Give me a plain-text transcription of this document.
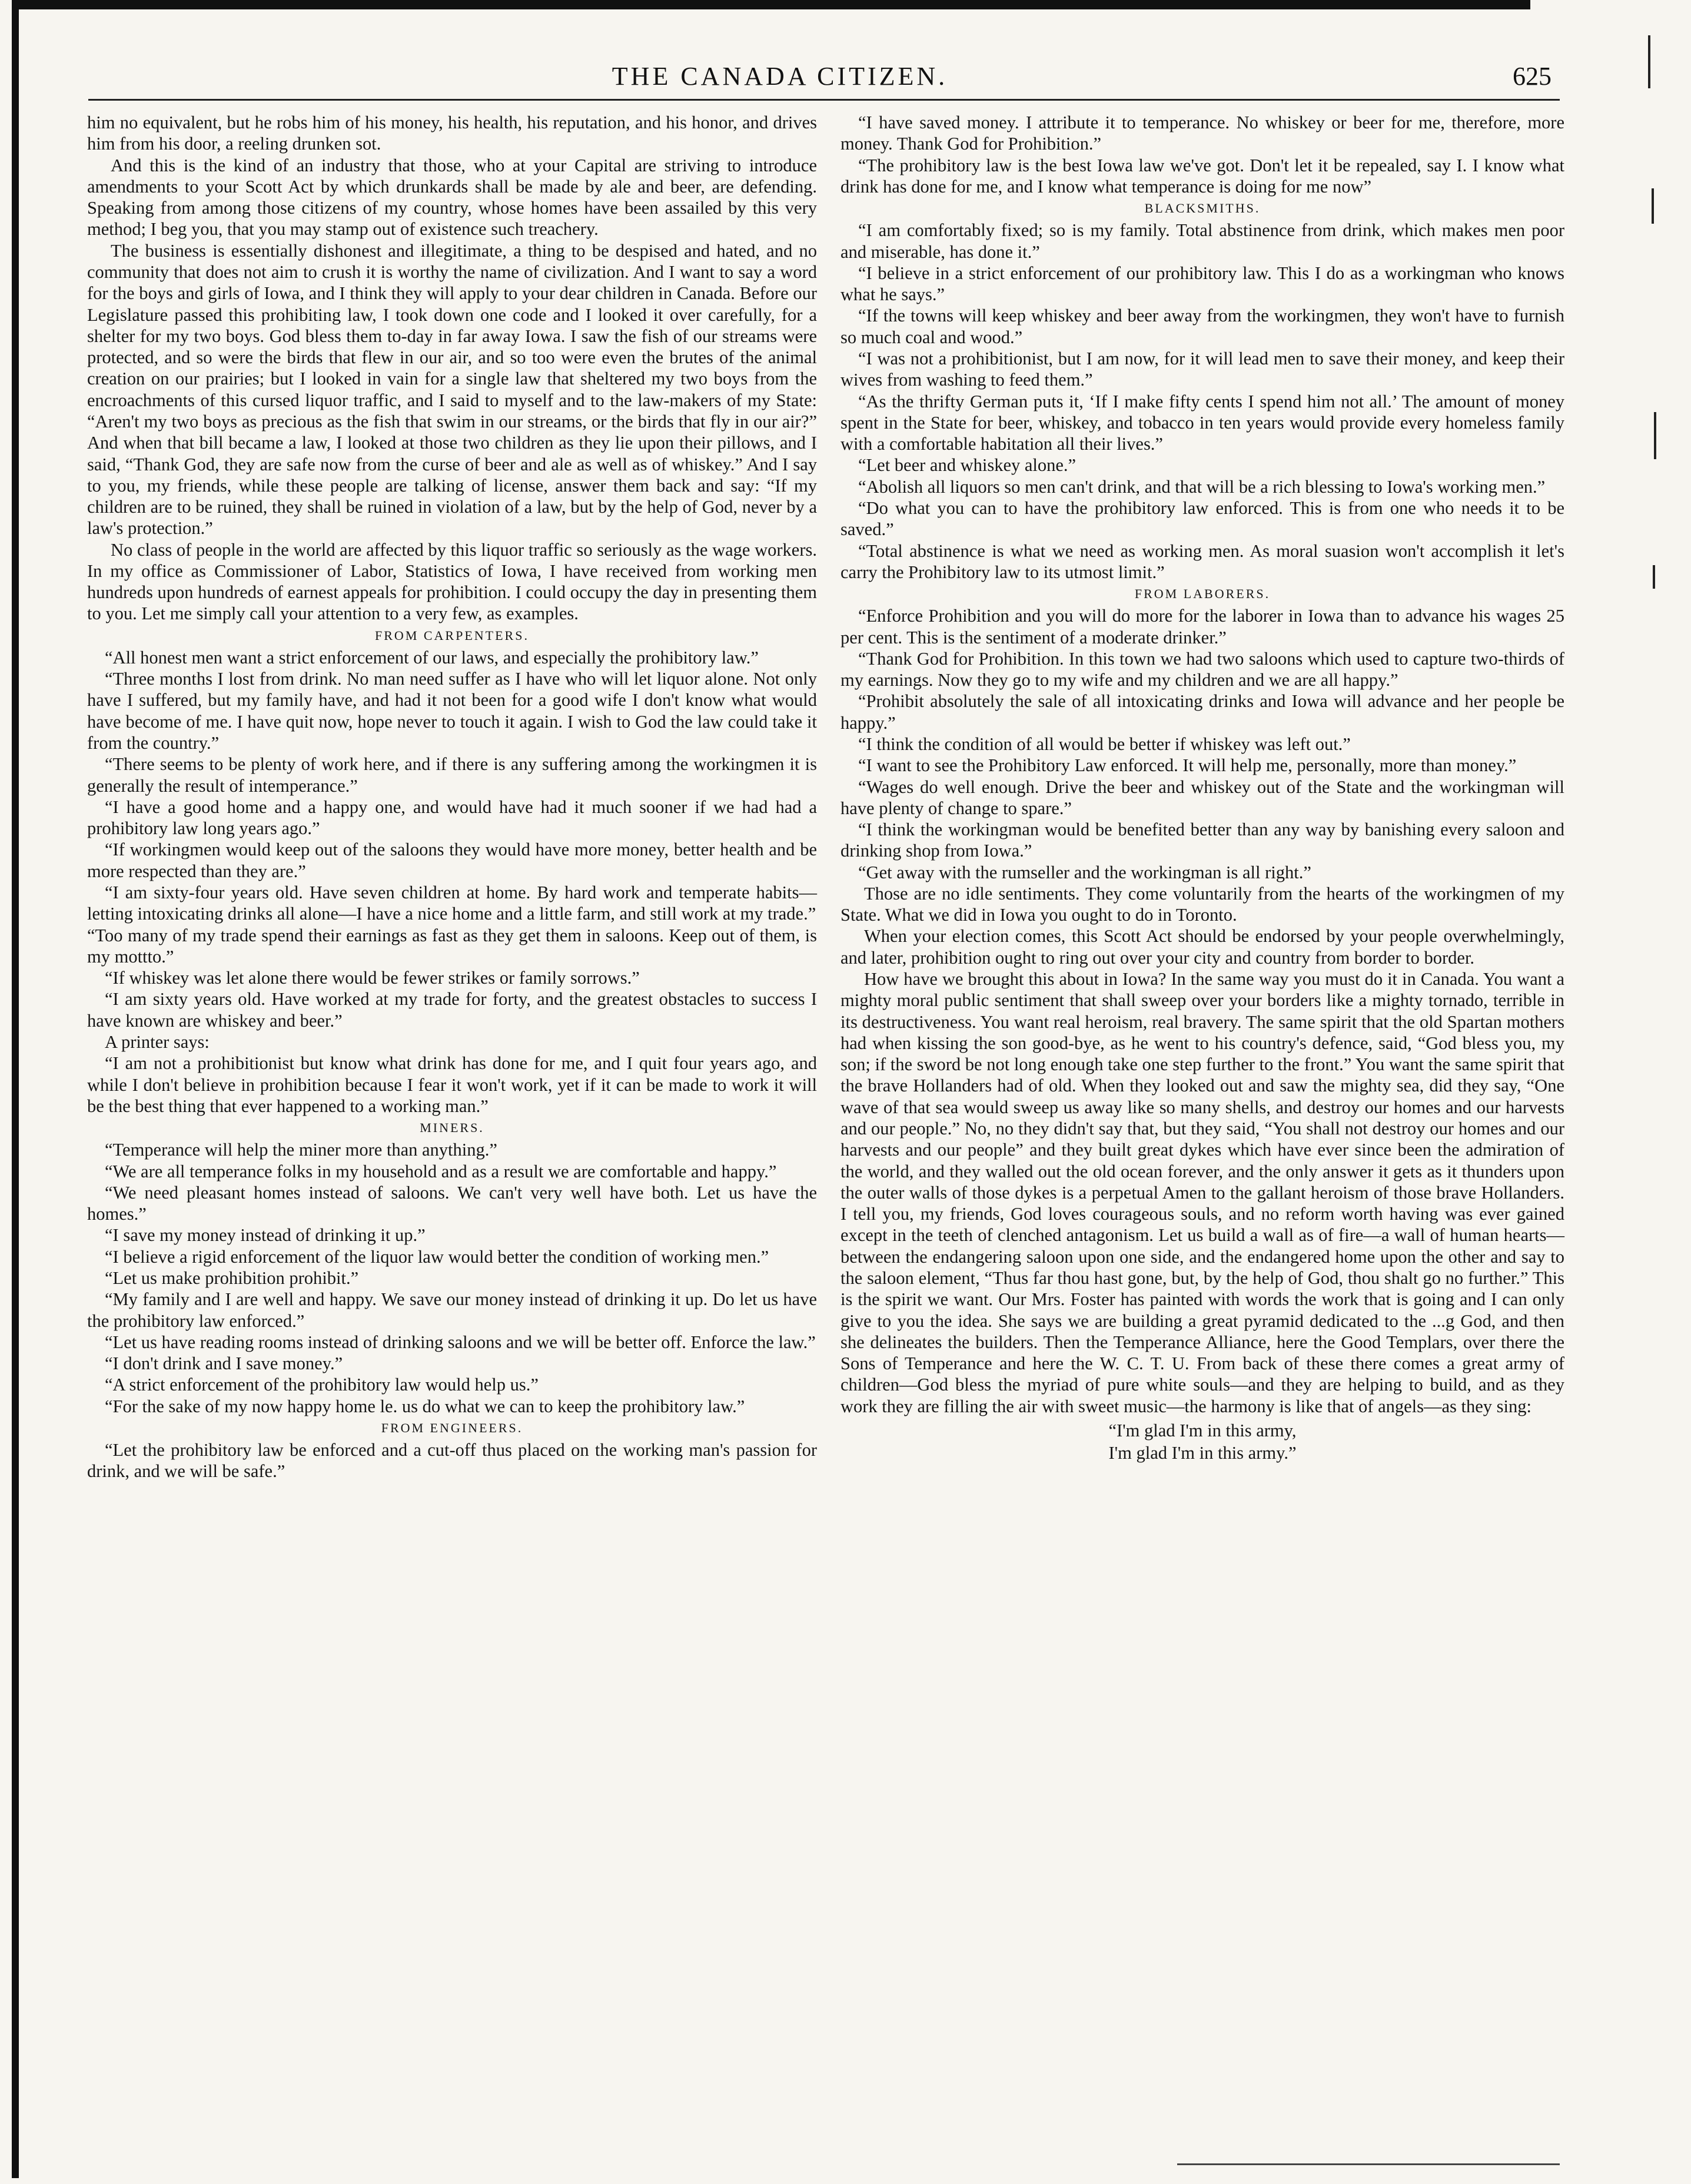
THE CANADA CITIZEN.	625

him no equivalent, but he robs him of his money, his health, his reputation, and his honor, and drives him from his door, a reeling drunken sot.

And this is the kind of an industry that those, who at your Capital are striving to introduce amendments to your Scott Act by which drunkards shall be made by ale and beer, are defending. Speaking from among those citizens of my country, whose homes have been assailed by this very method; I beg you, that you may stamp out of existence such treachery.

The business is essentially dishonest and illegitimate, a thing to be despised and hated, and no community that does not aim to crush it is worthy the name of civilization. And I want to say a word for the boys and girls of Iowa, and I think they will apply to your dear children in Canada. Before our Legislature passed this prohibiting law, I took down one code and I looked it over carefully, for a shelter for my two boys. God bless them to-day in far away Iowa. I saw the fish of our streams were protected, and so were the birds that flew in our air, and so too were even the brutes of the animal creation on our prairies; but I looked in vain for a single law that sheltered my two boys from the encroachments of this cursed liquor traffic, and I said to myself and to the law-makers of my State: “Aren't my two boys as precious as the fish that swim in our streams, or the birds that fly in our air?” And when that bill became a law, I looked at those two children as they lie upon their pillows, and I said, “Thank God, they are safe now from the curse of beer and ale as well as of whiskey.” And I say to you, my friends, while these people are talking of license, answer them back and say: “If my children are to be ruined, they shall be ruined in violation of a law, but by the help of God, never by a law's protection.”

No class of people in the world are affected by this liquor traffic so seriously as the wage workers. In my office as Commissioner of Labor, Statistics of Iowa, I have received from working men hundreds upon hundreds of earnest appeals for prohibition. I could occupy the day in presenting them to you. Let me simply call your attention to a very few, as examples.

FROM CARPENTERS.

“All honest men want a strict enforcement of our laws, and especially the prohibitory law.”

“Three months I lost from drink. No man need suffer as I have who will let liquor alone. Not only have I suffered, but my family have, and had it not been for a good wife I don't know what would have become of me. I have quit now, hope never to touch it again. I wish to God the law could take it from the country.”

“There seems to be plenty of work here, and if there is any suffering among the workingmen it is generally the result of intemperance.”

“I have a good home and a happy one, and would have had it much sooner if we had had a prohibitory law long years ago.”

“If workingmen would keep out of the saloons they would have more money, better health and be more respected than they are.”

“I am sixty-four years old. Have seven children at home. By hard work and temperate habits—letting intoxicating drinks all alone—I have a nice home and a little farm, and still work at my trade.”

“Too many of my trade spend their earnings as fast as they get them in saloons. Keep out of them, is my mottto.”

“If whiskey was let alone there would be fewer strikes or family sorrows.”

“I am sixty years old. Have worked at my trade for forty, and the greatest obstacles to success I have known are whiskey and beer.”

A printer says:

“I am not a prohibitionist but know what drink has done for me, and I quit four years ago, and while I don't believe in prohibition because I fear it won't work, yet if it can be made to work it will be the best thing that ever happened to a working man.”

MINERS.

“Temperance will help the miner more than anything.”

“We are all temperance folks in my household and as a result we are comfortable and happy.”

“We need pleasant homes instead of saloons. We can't very well have both. Let us have the homes.”

“I save my money instead of drinking it up.”

“I believe a rigid enforcement of the liquor law would better the condition of working men.”

“Let us make prohibition prohibit.”

“My family and I are well and happy. We save our money instead of drinking it up. Do let us have the prohibitory law enforced.”

“Let us have reading rooms instead of drinking saloons and we will be better off. Enforce the law.”

“I don't drink and I save money.”

“A strict enforcement of the prohibitory law would help us.”

“For the sake of my now happy home le. us do what we can to keep the prohibitory law.”

FROM ENGINEERS.

“Let the prohibitory law be enforced and a cut-off thus placed on the working man's passion for drink, and we will be safe.”

“I have saved money. I attribute it to temperance. No whiskey or beer for me, therefore, more money. Thank God for Prohibition.”

“The prohibitory law is the best Iowa law we've got. Don't let it be repealed, say I. I know what drink has done for me, and I know what temperance is doing for me now”

BLACKSMITHS.

“I am comfortably fixed; so is my family. Total abstinence from drink, which makes men poor and miserable, has done it.”

“I believe in a strict enforcement of our prohibitory law. This I do as a workingman who knows what he says.”

“If the towns will keep whiskey and beer away from the workingmen, they won't have to furnish so much coal and wood.”

“I was not a prohibitionist, but I am now, for it will lead men to save their money, and keep their wives from washing to feed them.”

“As the thrifty German puts it, ‘If I make fifty cents I spend him not all.’ The amount of money spent in the State for beer, whiskey, and tobacco in ten years would provide every homeless family with a comfortable habitation all their lives.”

“Let beer and whiskey alone.”

“Abolish all liquors so men can't drink, and that will be a rich blessing to Iowa's working men.”

“Do what you can to have the prohibitory law enforced. This is from one who needs it to be saved.”

“Total abstinence is what we need as working men. As moral suasion won't accomplish it let's carry the Prohibitory law to its utmost limit.”

FROM LABORERS.

“Enforce Prohibition and you will do more for the laborer in Iowa than to advance his wages 25 per cent. This is the sentiment of a moderate drinker.”

“Thank God for Prohibition. In this town we had two saloons which used to capture two-thirds of my earnings. Now they go to my wife and my children and we are all happy.”

“Prohibit absolutely the sale of all intoxicating drinks and Iowa will advance and her people be happy.”

“I think the condition of all would be better if whiskey was left out.”

“I want to see the Prohibitory Law enforced. It will help me, personally, more than money.”

“Wages do well enough. Drive the beer and whiskey out of the State and the workingman will have plenty of change to spare.”

“I think the workingman would be benefited better than any way by banishing every saloon and drinking shop from Iowa.”

“Get away with the rumseller and the workingman is all right.”

Those are no idle sentiments. They come voluntarily from the hearts of the workingmen of my State. What we did in Iowa you ought to do in Toronto.

When your election comes, this Scott Act should be endorsed by your people overwhelmingly, and later, prohibition ought to ring out over your city and country from border to border.

How have we brought this about in Iowa? In the same way you must do it in Canada. You want a mighty moral public sentiment that shall sweep over your borders like a mighty tornado, terrible in its destructiveness. You want real heroism, real bravery. The same spirit that the old Spartan mothers had when kissing the son good-bye, as he went to his country's defence, said, “God bless you, my son; if the sword be not long enough take one step further to the front.” You want the same spirit that the brave Hollanders had of old. When they looked out and saw the mighty sea, did they say, “One wave of that sea would sweep us away like so many shells, and destroy our homes and our harvests and our people.” No, no they didn't say that, but they said, “You shall not destroy our homes and our harvests and our people” and they built great dykes which have ever since been the admiration of the world, and they walled out the old ocean forever, and the only answer it gets as it thunders upon the outer walls of those dykes is a perpetual Amen to the gallant heroism of those brave Hollanders. I tell you, my friends, God loves courageous souls, and no reform worth having was ever gained except in the teeth of clenched antagonism. Let us build a wall as of fire—a wall of human hearts—between the endangering saloon upon one side, and the endangered home upon the other and say to the saloon element, “Thus far thou hast gone, but, by the help of God, thou shalt go no further.” This is the spirit we want. Our Mrs. Foster has painted with words the work that is going and I can only give to you the idea. She says we are building a great pyramid dedicated to the ...g God, and then she delineates the builders. Then the Temperance Alliance, here the Good Templars, over there the Sons of Temperance and here the W. C. T. U. From back of these there comes a great army of children—God bless the myriad of pure white souls—and they are helping to build, and as they work they are filling the air with sweet music—the harmony is like that of angels—as they sing:

“I'm glad I'm in this army,
I'm glad I'm in this army.”
